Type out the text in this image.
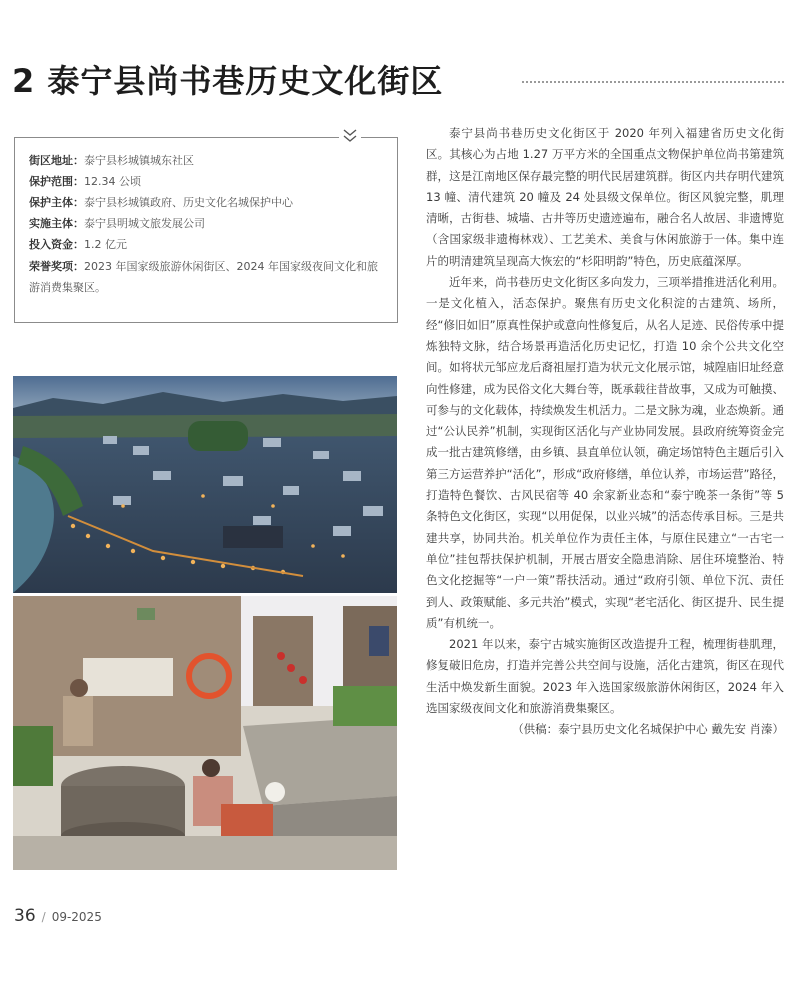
2 泰宁县尚书巷历史文化街区
街区地址：泰宁县杉城镇城东社区
保护范围：12.34 公顷
保护主体：泰宁县杉城镇政府、历史文化名城保护中心
实施主体：泰宁县明城文旅发展公司
投入资金：1.2 亿元
荣誉奖项：2023 年国家级旅游休闲街区、2024 年国家级夜间文化和旅游消费集聚区。

泰宁县尚书巷历史文化街区于 2020 年列入福建省历史文化街区。其核心为占地 1.27 万平方米的全国重点文物保护单位尚书第建筑群，这是江南地区保存最完整的明代民居建筑群。街区内共存明代建筑 13 幢、清代建筑 20 幢及 24 处县级文保单位。街区风貌完整，肌理清晰，古街巷、城墙、古井等历史遗迹遍布，融合名人故居、非遗博览（含国家级非遗梅林戏）、工艺美术、美食与休闲旅游于一体。集中连片的明清建筑呈现高大恢宏的“杉阳明韵”特色，历史底蕴深厚。

近年来，尚书巷历史文化街区多向发力，三项举措推进活化利用。一是文化植入，活态保护。聚焦有历史文化积淀的古建筑、场所，经“修旧如旧”原真性保护或意向性修复后，从名人足迹、民俗传承中提炼独特文脉，结合场景再造活化历史记忆，打造 10 余个公共文化空间。如将状元邹应龙后裔祖屋打造为状元文化展示馆，城隍庙旧址经意向性修建，成为民俗文化大舞台等，既承载往昔故事，又成为可触摸、可参与的文化载体，持续焕发生机活力。二是文脉为魂，业态焕新。通过“公认民养”机制，实现街区活化与产业协同发展。县政府统筹资金完成一批古建筑修缮，由乡镇、县直单位认领，确定场馆特色主题后引入第三方运营养护“活化”，形成“政府修缮，单位认养，市场运营”路径，打造特色餐饮、古风民宿等 40 余家新业态和“泰宁晚茶一条街”等 5 条特色文化街区，实现“以用促保，以业兴城”的活态传承目标。三是共建共享，协同共治。机关单位作为责任主体，与原住民建立“一古宅一单位”挂包帮扶保护机制，开展古厝安全隐患消除、居住环境整治、特色文化挖掘等“一户一策”帮扶活动。通过“政府引领、单位下沉、责任到人、政策赋能、多元共治”模式，实现“老宅活化、街区提升、民生提质”有机统一。

2021 年以来，泰宁古城实施街区改造提升工程，梳理街巷肌理，修复破旧危房，打造并完善公共空间与设施，活化古建筑，街区在现代生活中焕发新生面貌。2023 年入选国家级旅游休闲街区，2024 年入选国家级夜间文化和旅游消费集聚区。

（供稿：泰宁县历史文化名城保护中心 戴先安 肖溱）

36 / 09-2025
